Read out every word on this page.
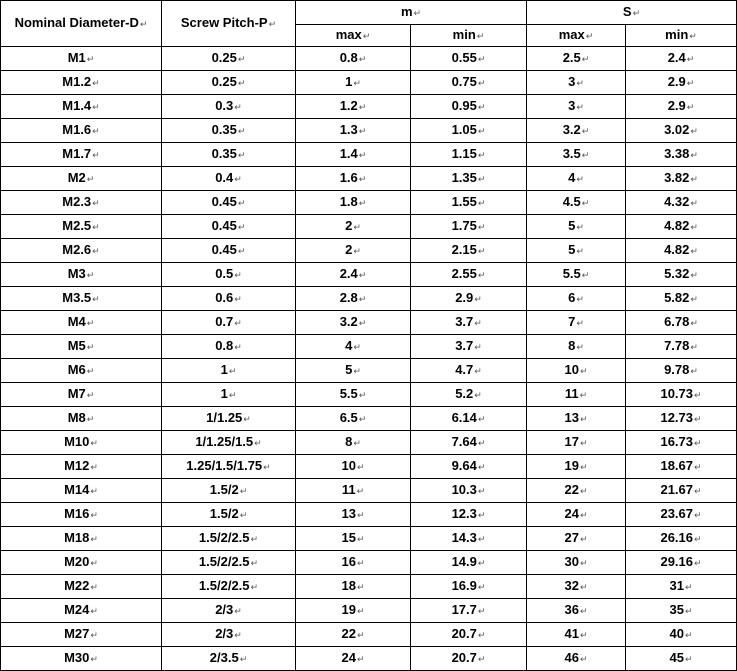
Nominal Diameter-D↵	Screw Pitch-P↵	m↵		S↵	
		max↵	min↵	max↵	min↵
M1↵	0.25↵	0.8↵	0.55↵	2.5↵	2.4↵
M1.2↵	0.25↵	1↵	0.75↵	3↵	2.9↵
M1.4↵	0.3↵	1.2↵	0.95↵	3↵	2.9↵
M1.6↵	0.35↵	1.3↵	1.05↵	3.2↵	3.02↵
M1.7↵	0.35↵	1.4↵	1.15↵	3.5↵	3.38↵
M2↵	0.4↵	1.6↵	1.35↵	4↵	3.82↵
M2.3↵	0.45↵	1.8↵	1.55↵	4.5↵	4.32↵
M2.5↵	0.45↵	2↵	1.75↵	5↵	4.82↵
M2.6↵	0.45↵	2↵	2.15↵	5↵	4.82↵
M3↵	0.5↵	2.4↵	2.55↵	5.5↵	5.32↵
M3.5↵	0.6↵	2.8↵	2.9↵	6↵	5.82↵
M4↵	0.7↵	3.2↵	3.7↵	7↵	6.78↵
M5↵	0.8↵	4↵	3.7↵	8↵	7.78↵
M6↵	1↵	5↵	4.7↵	10↵	9.78↵
M7↵	1↵	5.5↵	5.2↵	11↵	10.73↵
M8↵	1/1.25↵	6.5↵	6.14↵	13↵	12.73↵
M10↵	1/1.25/1.5↵	8↵	7.64↵	17↵	16.73↵
M12↵	1.25/1.5/1.75↵	10↵	9.64↵	19↵	18.67↵
M14↵	1.5/2↵	11↵	10.3↵	22↵	21.67↵
M16↵	1.5/2↵	13↵	12.3↵	24↵	23.67↵
M18↵	1.5/2/2.5↵	15↵	14.3↵	27↵	26.16↵
M20↵	1.5/2/2.5↵	16↵	14.9↵	30↵	29.16↵
M22↵	1.5/2/2.5↵	18↵	16.9↵	32↵	31↵
M24↵	2/3↵	19↵	17.7↵	36↵	35↵
M27↵	2/3↵	22↵	20.7↵	41↵	40↵
M30↵	2/3.5↵	24↵	20.7↵	46↵	45↵
